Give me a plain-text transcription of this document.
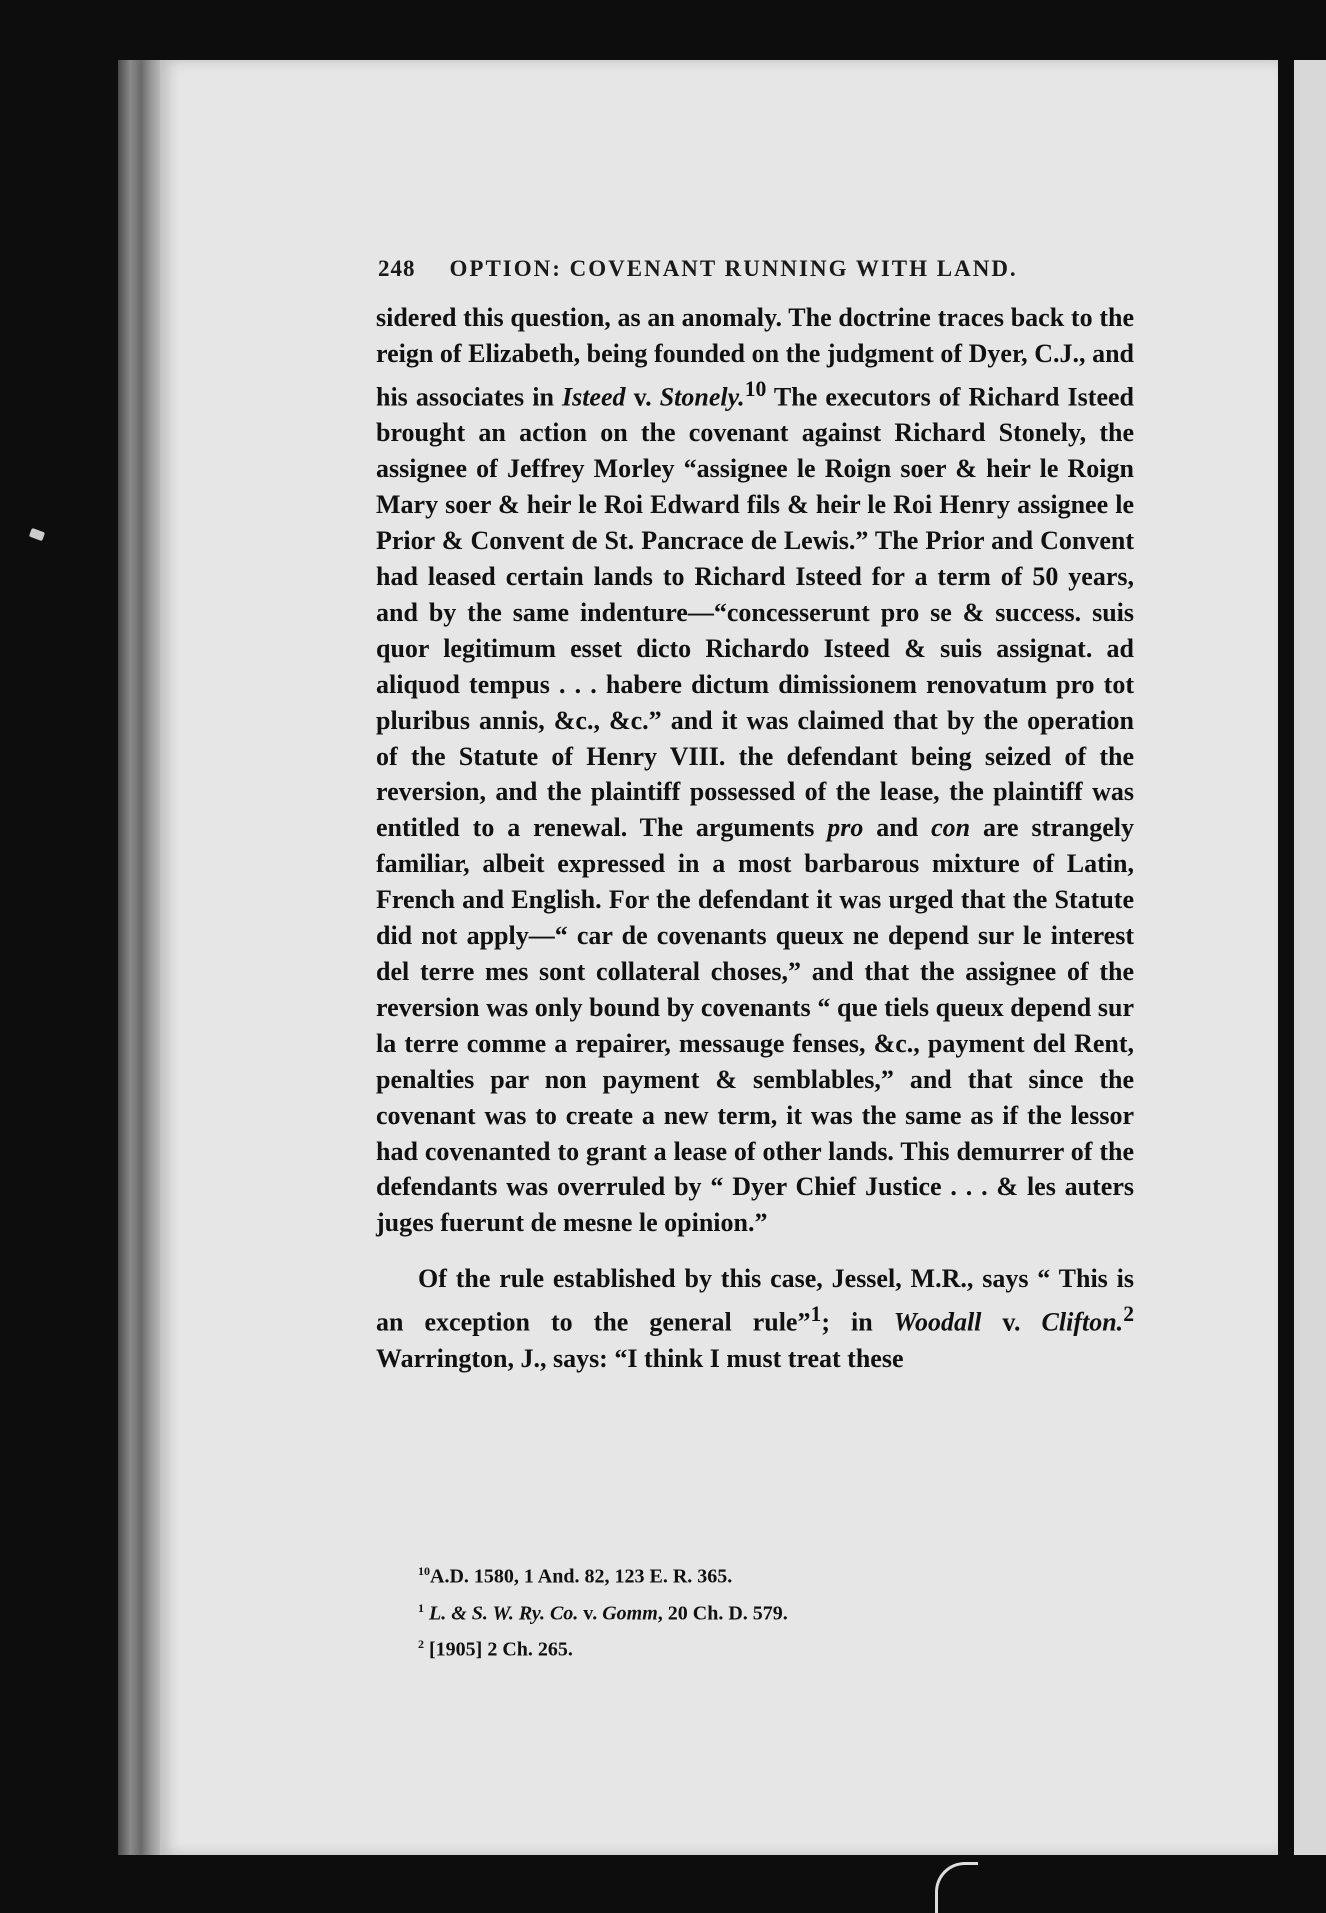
248 OPTION: COVENANT RUNNING WITH LAND.

sidered this question, as an anomaly. The doctrine traces back to the reign of Elizabeth, being founded on the judgment of Dyer, C.J., and his associates in Isteed v. Stonely.$^{10}$ The executors of Richard Isteed brought an action on the covenant against Richard Stonely, the assignee of Jeffrey Morley “assignee le Roign soer & heir le Roign Mary soer & heir le Roi Edward fils & heir le Roi Henry assignee le Prior & Convent de St. Pancrace de Lewis.” The Prior and Convent had leased certain lands to Richard Isteed for a term of 50 years, and by the same indenture—“concesserunt pro se & success. suis quor legitimum esset dicto Richardo Isteed & suis assignat. ad aliquod tempus . . . habere dictum dimissionem renovatum pro tot pluribus annis, &c., &c.” and it was claimed that by the operation of the Statute of Henry VIII. the defendant being seized of the reversion, and the plaintiff possessed of the lease, the plaintiff was entitled to a renewal. The arguments pro and con are strangely familiar, albeit expressed in a most barbarous mixture of Latin, French and English. For the defendant it was urged that the Statute did not apply—“ car de covenants queux ne depend sur le interest del terre mes sont collateral choses,” and that the assignee of the reversion was only bound by covenants “ que tiels queux depend sur la terre comme a repairer, messauge fenses, &c., payment del Rent, penalties par non payment & semblables,” and that since the covenant was to create a new term, it was the same as if the lessor had covenanted to grant a lease of other lands. This demurrer of the defendants was overruled by “ Dyer Chief Justice . . . & les auters juges fuerunt de mesne le opinion.”

Of the rule established by this case, Jessel, M.R., says “ This is an exception to the general rule”$^1$; in Woodall v. Clifton.$^2$ Warrington, J., says: “I think I must treat these

$^{10}$A.D. 1580, 1 And. 82, 123 E. R. 365.
$^1$ L. & S. W. Ry. Co. v. Gomm, 20 Ch. D. 579.
$^2$ [1905] 2 Ch. 265.
